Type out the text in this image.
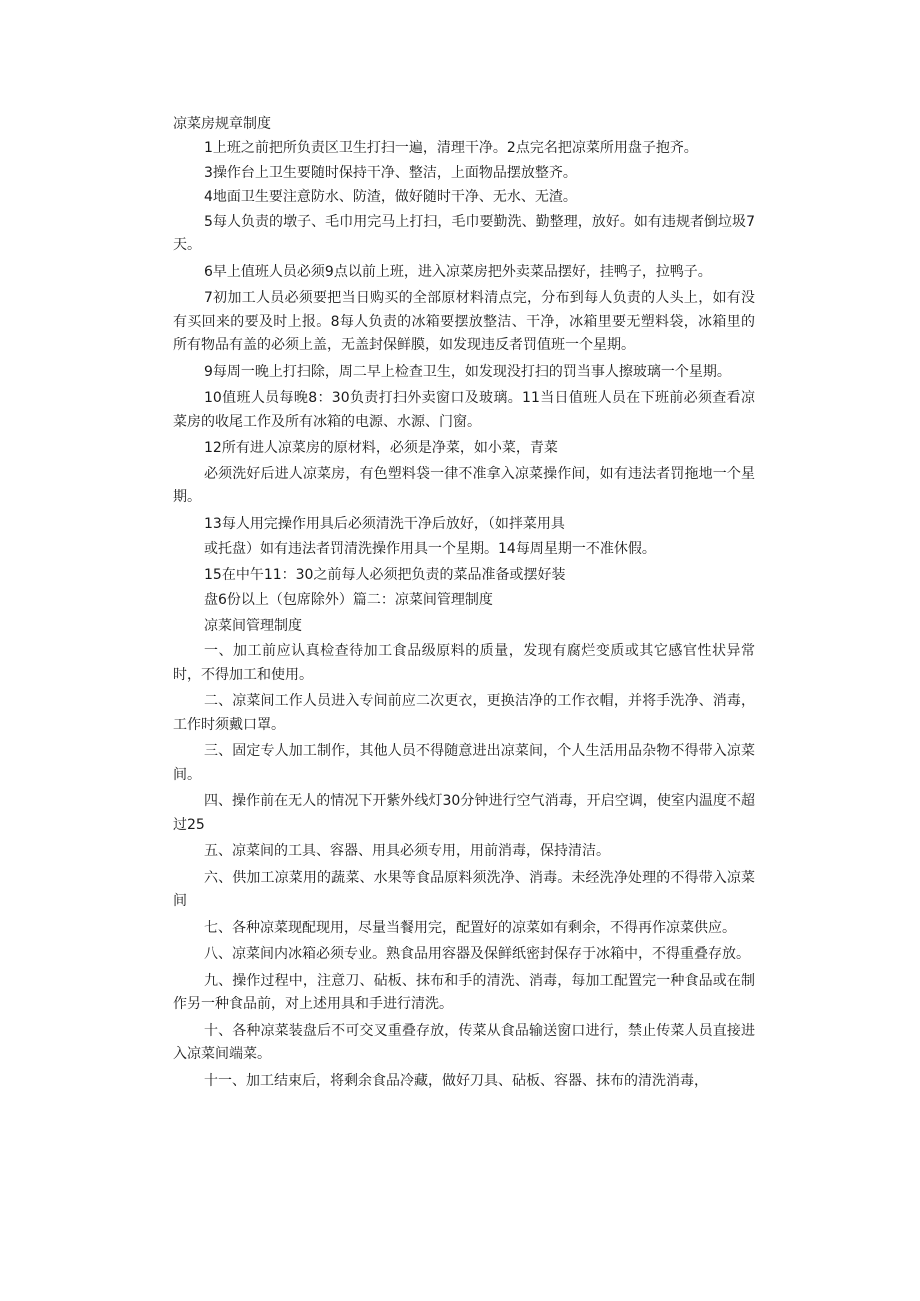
凉菜房规章制度

1上班之前把所负责区卫生打扫一遍，清理干净。2点完名把凉菜所用盘子抱齐。

3操作台上卫生要随时保持干净、整洁，上面物品摆放整齐。

4地面卫生要注意防水、防渣，做好随时干净、无水、无渣。

5每人负责的墩子、毛巾用完马上打扫，毛巾要勤洗、勤整理，放好。如有违规者倒垃圾7天。

6早上值班人员必须9点以前上班，进入凉菜房把外卖菜品摆好，挂鸭子，拉鸭子。

7初加工人员必须要把当日购买的全部原材料清点完，分布到每人负责的人头上，如有没有买回来的要及时上报。8每人负责的冰箱要摆放整洁、干净，冰箱里要无塑料袋，冰箱里的所有物品有盖的必须上盖，无盖封保鲜膜，如发现违反者罚值班一个星期。

9每周一晚上打扫除，周二早上检查卫生，如发现没打扫的罚当事人擦玻璃一个星期。

10值班人员每晚8：30负责打扫外卖窗口及玻璃。11当日值班人员在下班前必须查看凉菜房的收尾工作及所有冰箱的电源、水源、门窗。

12所有进人凉菜房的原材料，必须是净菜，如小菜，青菜

必须洗好后进人凉菜房，有色塑料袋一律不准拿入凉菜操作间，如有违法者罚拖地一个星期。

13每人用完操作用具后必须清洗干净后放好，（如拌菜用具
或托盘）如有违法者罚清洗操作用具一个星期。14每周星期一不准休假。
15在中午11：30之前每人必须把负责的菜品准备或摆好装
盘6份以上（包席除外）篇二：凉菜间管理制度
凉菜间管理制度

一、加工前应认真检查待加工食品级原料的质量，发现有腐烂变质或其它感官性状异常时，不得加工和使用。

二、凉菜间工作人员进入专间前应二次更衣，更换洁净的工作衣帽，并将手洗净、消毒，工作时须戴口罩。

三、固定专人加工制作，其他人员不得随意进出凉菜间，个人生活用品杂物不得带入凉菜间。

四、操作前在无人的情况下开紫外线灯30分钟进行空气消毒，开启空调，使室内温度不超过25

五、凉菜间的工具、容器、用具必须专用，用前消毒，保持清洁。

六、供加工凉菜用的蔬菜、水果等食品原料须洗净、消毒。未经洗净处理的不得带入凉菜间

七、各种凉菜现配现用，尽量当餐用完，配置好的凉菜如有剩余，不得再作凉菜供应。

八、凉菜间内冰箱必须专业。熟食品用容器及保鲜纸密封保存于冰箱中，不得重叠存放。

九、操作过程中，注意刀、砧板、抹布和手的清洗、消毒，每加工配置完一种食品或在制作另一种食品前，对上述用具和手进行清洗。

十、各种凉菜装盘后不可交叉重叠存放，传菜从食品输送窗口进行，禁止传菜人员直接进入凉菜间端菜。

十一、加工结束后，将剩余食品冷藏，做好刀具、砧板、容器、抹布的清洗消毒，
